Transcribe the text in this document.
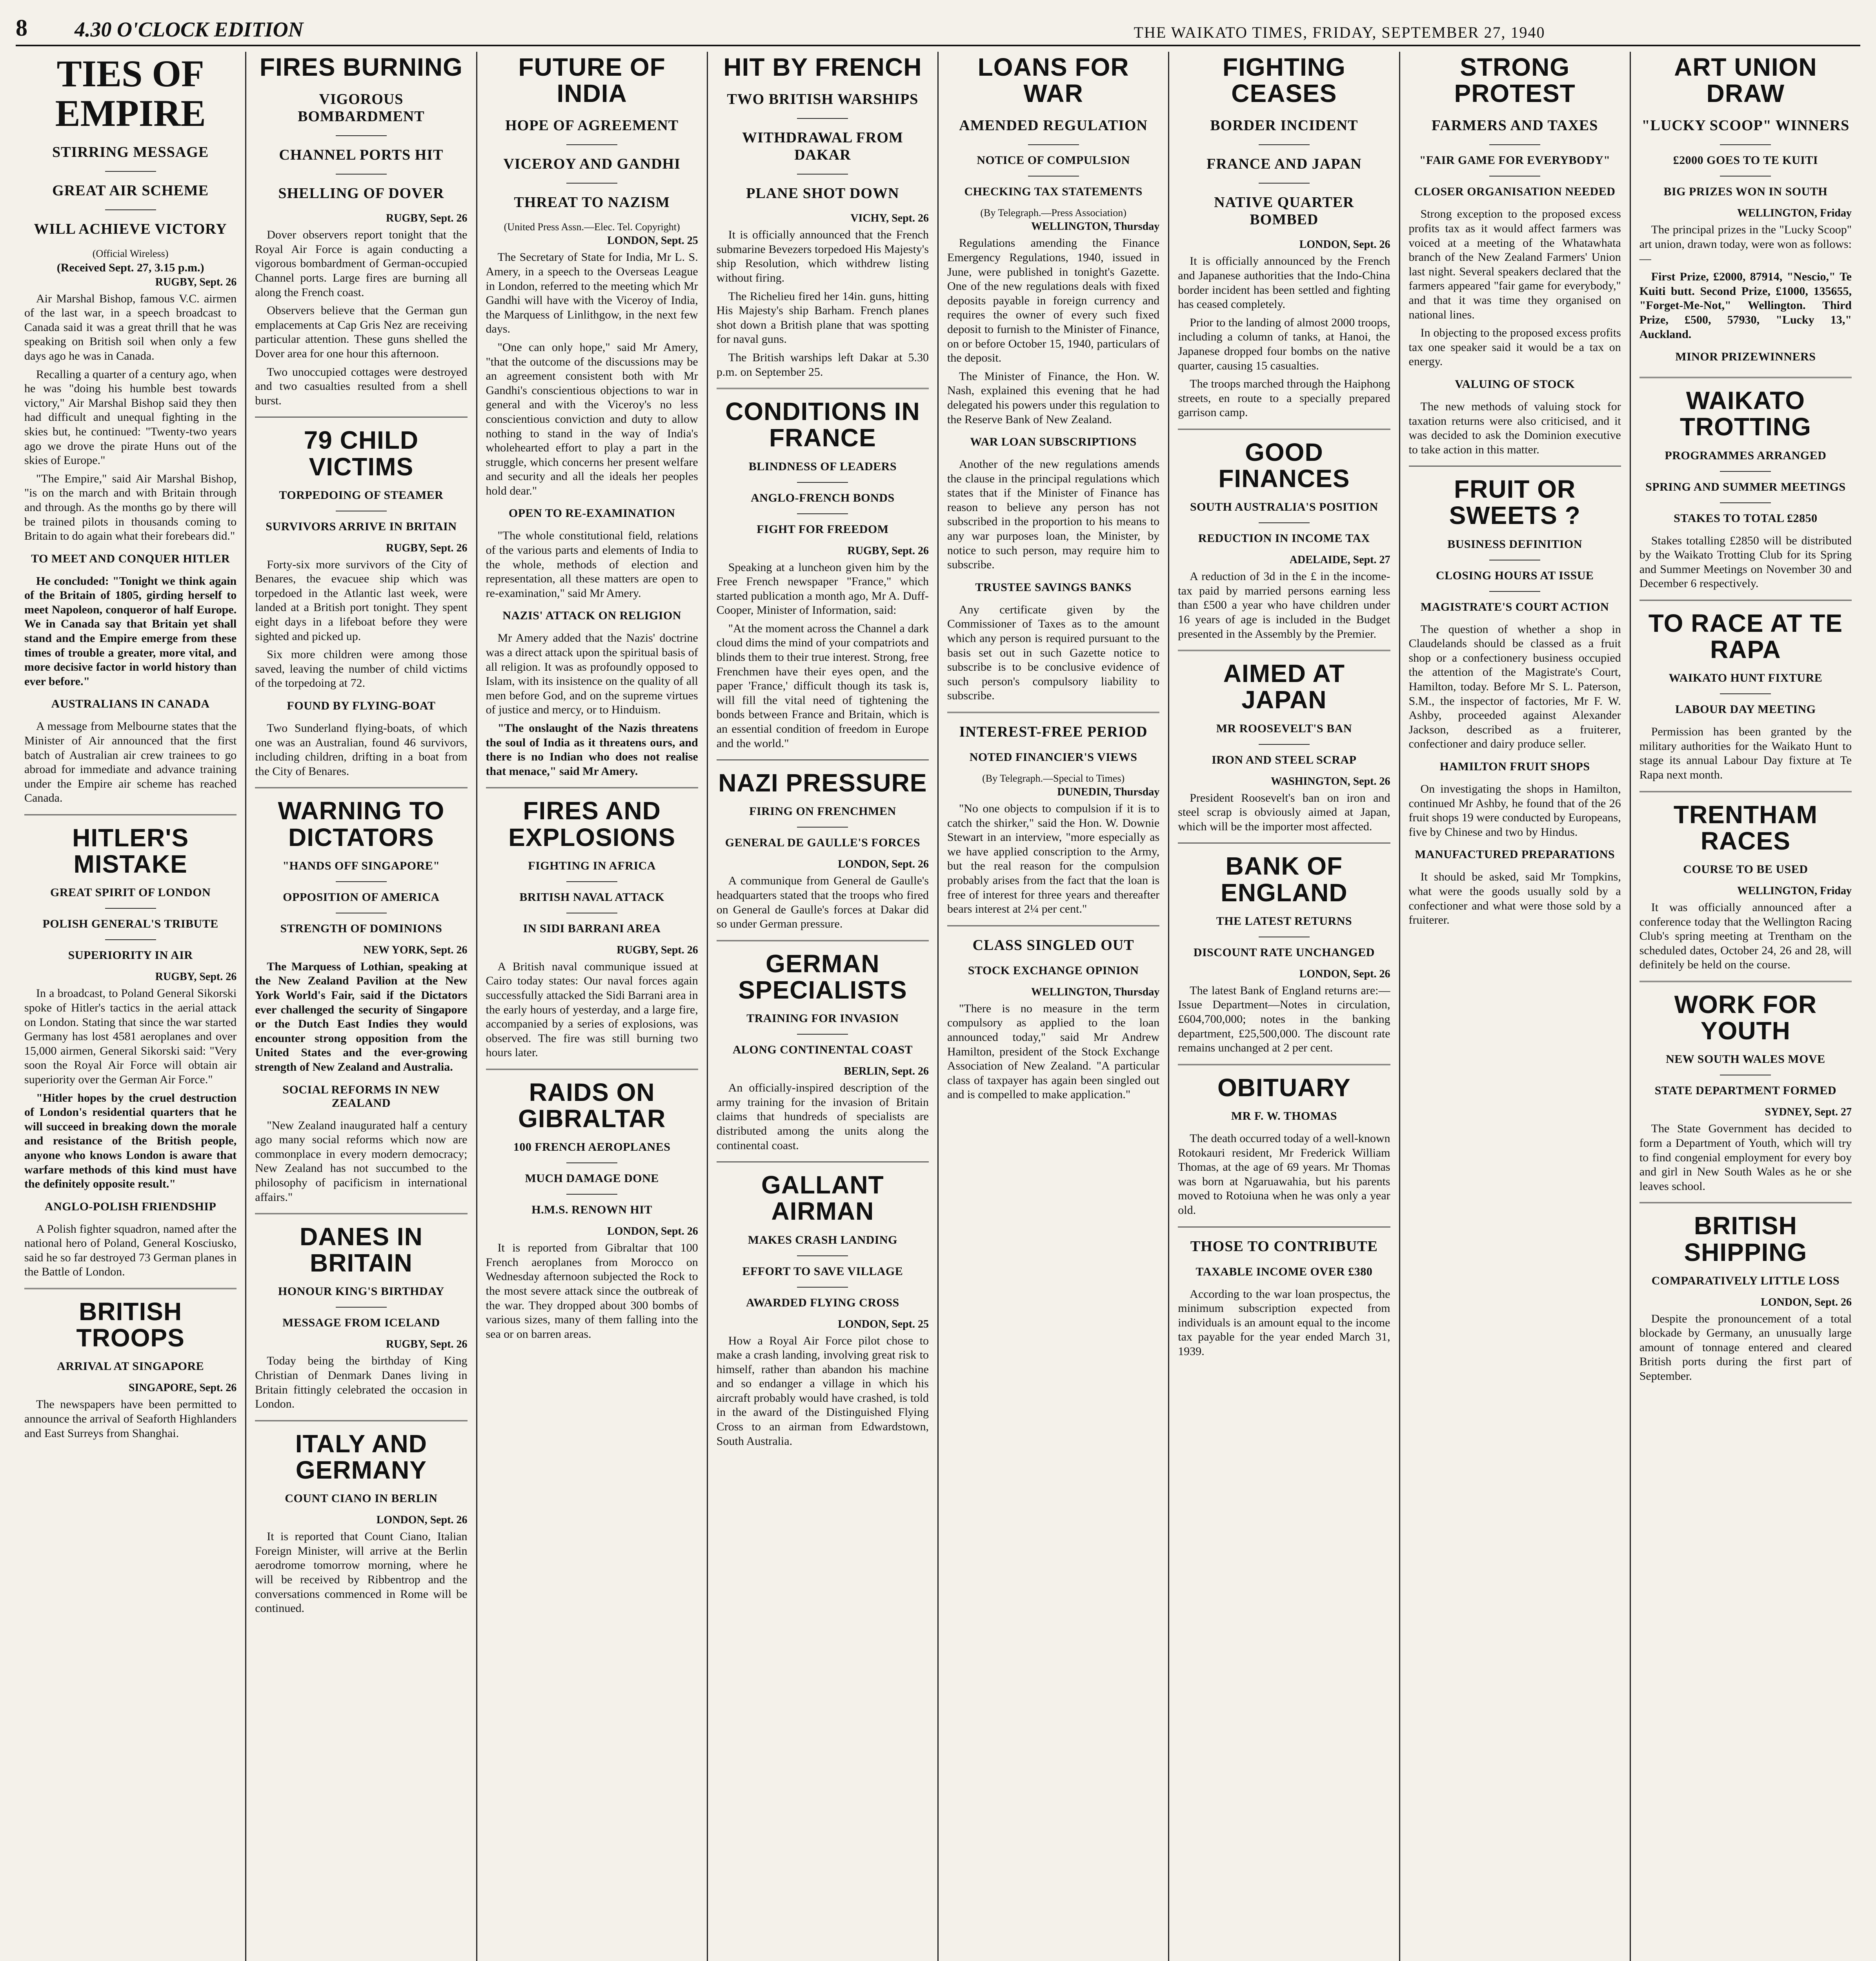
8	4.30 O'CLOCK EDITION	THE WAIKATO TIMES, FRIDAY, SEPTEMBER 27, 1940
TIES OF EMPIRE
STIRRING MESSAGE
GREAT AIR SCHEME
WILL ACHIEVE VICTORY
(Official Wireless)
(Received Sept. 27, 3.15 p.m.)
RUGBY, Sept. 26

Air Marshal Bishop, famous V.C. airmen of the last war, in a speech broadcast to Canada said it was a great thrill that he was speaking on British soil when only a few days ago he was in Canada.

Recalling a quarter of a century ago, when he was "doing his humble best towards victory," Air Marshal Bishop said they then had difficult and unequal fighting in the skies but, he continued: "Twenty-two years ago we drove the pirate Huns out of the skies of Europe."

"The Empire," said Air Marshal Bishop, "is on the march and with Britain through and through. As the months go by there will be trained pilots in thousands coming to Britain to do again what their forebears did."

TO MEET AND CONQUER HITLER

He concluded: "Tonight we think again of the Britain of 1805, girding herself to meet Napoleon, conqueror of half Europe. We in Canada say that Britain yet shall stand and the Empire emerge from these times of trouble a greater, more vital, and more decisive factor in world history than ever before."

AUSTRALIANS IN CANADA

A message from Melbourne states that the Minister of Air announced that the first batch of Australian air crew trainees to go abroad for immediate and advance training under the Empire air scheme has reached Canada.

HITLER'S MISTAKE
GREAT SPIRIT OF LONDON
POLISH GENERAL'S TRIBUTE
SUPERIORITY IN AIR
RUGBY, Sept. 26

In a broadcast, to Poland General Sikorski spoke of Hitler's tactics in the aerial attack on London. Stating that since the war started Germany has lost 4581 aeroplanes and over 15,000 airmen, General Sikorski said: "Very soon the Royal Air Force will obtain air superiority over the German Air Force."

"Hitler hopes by the cruel destruction of London's residential quarters that he will succeed in breaking down the morale and resistance of the British people, anyone who knows London is aware that warfare methods of this kind must have the definitely opposite result."

ANGLO-POLISH FRIENDSHIP

A Polish fighter squadron, named after the national hero of Poland, General Kosciusko, said he so far destroyed 73 German planes in the Battle of London.

BRITISH TROOPS
ARRIVAL AT SINGAPORE
SINGAPORE, Sept. 26

The newspapers have been permitted to announce the arrival of Seaforth Highlanders and East Surreys from Shanghai.

FIRES BURNING
VIGOROUS BOMBARDMENT
CHANNEL PORTS HIT
SHELLING OF DOVER
RUGBY, Sept. 26

Dover observers report tonight that the Royal Air Force is again conducting a vigorous bombardment of German-occupied Channel ports. Large fires are burning all along the French coast.

Observers believe that the German gun emplacements at Cap Gris Nez are receiving particular attention. These guns shelled the Dover area for one hour this afternoon.

Two unoccupied cottages were destroyed and two casualties resulted from a shell burst.

79 CHILD VICTIMS
TORPEDOING OF STEAMER
SURVIVORS ARRIVE IN BRITAIN
RUGBY, Sept. 26

Forty-six more survivors of the City of Benares, the evacuee ship which was torpedoed in the Atlantic last week, were landed at a British port tonight. They spent eight days in a lifeboat before they were sighted and picked up.

Six more children were among those saved, leaving the number of child victims of the torpedoing at 72.

FOUND BY FLYING-BOAT

Two Sunderland flying-boats, of which one was an Australian, found 46 survivors, including children, drifting in a boat from the City of Benares.

WARNING TO DICTATORS
"HANDS OFF SINGAPORE"
OPPOSITION OF AMERICA
STRENGTH OF DOMINIONS
NEW YORK, Sept. 26

The Marquess of Lothian, speaking at the New Zealand Pavilion at the New York World's Fair, said if the Dictators ever challenged the security of Singapore or the Dutch East Indies they would encounter strong opposition from the United States and the ever-growing strength of New Zealand and Australia.

SOCIAL REFORMS IN NEW ZEALAND

"New Zealand inaugurated half a century ago many social reforms which now are commonplace in every modern democracy; New Zealand has not succumbed to the philosophy of pacificism in international affairs."

DANES IN BRITAIN
HONOUR KING'S BIRTHDAY
MESSAGE FROM ICELAND
RUGBY, Sept. 26

Today being the birthday of King Christian of Denmark Danes living in Britain fittingly celebrated the occasion in London.

ITALY AND GERMANY
COUNT CIANO IN BERLIN
LONDON, Sept. 26

It is reported that Count Ciano, Italian Foreign Minister, will arrive at the Berlin aerodrome tomorrow morning, where he will be received by Ribbentrop and the conversations commenced in Rome will be continued.

FUTURE OF INDIA
HOPE OF AGREEMENT
VICEROY AND GANDHI
THREAT TO NAZISM
(United Press Assn.—Elec. Tel. Copyright)
LONDON, Sept. 25

The Secretary of State for India, Mr L. S. Amery, in a speech to the Overseas League in London, referred to the meeting which Mr Gandhi will have with the Viceroy of India, the Marquess of Linlithgow, in the next few days.

"One can only hope," said Mr Amery, "that the outcome of the discussions may be an agreement consistent both with Mr Gandhi's conscientious objections to war in general and with the Viceroy's no less conscientious conviction and duty to allow nothing to stand in the way of India's wholehearted effort to play a part in the struggle, which concerns her present welfare and security and all the ideals her peoples hold dear."

OPEN TO RE-EXAMINATION

"The whole constitutional field, relations of the various parts and elements of India to the whole, methods of election and representation, all these matters are open to re-examination," said Mr Amery.

NAZIS' ATTACK ON RELIGION

Mr Amery added that the Nazis' doctrine was a direct attack upon the spiritual basis of all religion. It was as profoundly opposed to Islam, with its insistence on the quality of all men before God, and on the supreme virtues of justice and mercy, or to Hinduism.

"The onslaught of the Nazis threatens the soul of India as it threatens ours, and there is no Indian who does not realise that menace," said Mr Amery.

FIRES AND EXPLOSIONS
FIGHTING IN AFRICA
BRITISH NAVAL ATTACK
IN SIDI BARRANI AREA
RUGBY, Sept. 26

A British naval communique issued at Cairo today states: Our naval forces again successfully attacked the Sidi Barrani area in the early hours of yesterday, and a large fire, accompanied by a series of explosions, was observed. The fire was still burning two hours later.

RAIDS ON GIBRALTAR
100 FRENCH AEROPLANES
MUCH DAMAGE DONE
H.M.S. RENOWN HIT
LONDON, Sept. 26

It is reported from Gibraltar that 100 French aeroplanes from Morocco on Wednesday afternoon subjected the Rock to the most severe attack since the outbreak of the war. They dropped about 300 bombs of various sizes, many of them falling into the sea or on barren areas.

HIT BY FRENCH
TWO BRITISH WARSHIPS
WITHDRAWAL FROM DAKAR
PLANE SHOT DOWN
VICHY, Sept. 26

It is officially announced that the French submarine Bevezers torpedoed His Majesty's ship Resolution, which withdrew listing without firing.

The Richelieu fired her 14in. guns, hitting His Majesty's ship Barham. French planes shot down a British plane that was spotting for naval guns.

The British warships left Dakar at 5.30 p.m. on September 25.

CONDITIONS IN FRANCE
BLINDNESS OF LEADERS
ANGLO-FRENCH BONDS
FIGHT FOR FREEDOM
RUGBY, Sept. 26

Speaking at a luncheon given him by the Free French newspaper "France," which started publication a month ago, Mr A. Duff-Cooper, Minister of Information, said:

"At the moment across the Channel a dark cloud dims the mind of your compatriots and blinds them to their true interest. Strong, free Frenchmen have their eyes open, and the paper 'France,' difficult though its task is, will fill the vital need of tightening the bonds between France and Britain, which is an essential condition of freedom in Europe and the world."

NAZI PRESSURE
FIRING ON FRENCHMEN
GENERAL DE GAULLE'S FORCES
LONDON, Sept. 26

A communique from General de Gaulle's headquarters stated that the troops who fired on General de Gaulle's forces at Dakar did so under German pressure.

GERMAN SPECIALISTS
TRAINING FOR INVASION
ALONG CONTINENTAL COAST
BERLIN, Sept. 26

An officially-inspired description of the army training for the invasion of Britain claims that hundreds of specialists are distributed among the units along the continental coast.

GALLANT AIRMAN
MAKES CRASH LANDING
EFFORT TO SAVE VILLAGE
AWARDED FLYING CROSS
LONDON, Sept. 25

How a Royal Air Force pilot chose to make a crash landing, involving great risk to himself, rather than abandon his machine and so endanger a village in which his aircraft probably would have crashed, is told in the award of the Distinguished Flying Cross to an airman from Edwardstown, South Australia.

LOANS FOR WAR
AMENDED REGULATION
NOTICE OF COMPULSION
CHECKING TAX STATEMENTS
(By Telegraph.—Press Association)
WELLINGTON, Thursday

Regulations amending the Finance Emergency Regulations, 1940, issued in June, were published in tonight's Gazette. One of the new regulations deals with fixed deposits payable in foreign currency and requires the owner of every such fixed deposit to furnish to the Minister of Finance, on or before October 15, 1940, particulars of the deposit.

The Minister of Finance, the Hon. W. Nash, explained this evening that he had delegated his powers under this regulation to the Reserve Bank of New Zealand.

WAR LOAN SUBSCRIPTIONS

Another of the new regulations amends the clause in the principal regulations which states that if the Minister of Finance has reason to believe any person has not subscribed in the proportion to his means to any war purposes loan, the Minister, by notice to such person, may require him to subscribe.

TRUSTEE SAVINGS BANKS

Any certificate given by the Commissioner of Taxes as to the amount which any person is required pursuant to the basis set out in such Gazette notice to subscribe is to be conclusive evidence of such person's compulsory liability to subscribe.

INTEREST-FREE PERIOD
NOTED FINANCIER'S VIEWS
(By Telegraph.—Special to Times)
DUNEDIN, Thursday

"No one objects to compulsion if it is to catch the shirker," said the Hon. W. Downie Stewart in an interview, "more especially as we have applied conscription to the Army, but the real reason for the compulsion probably arises from the fact that the loan is free of interest for three years and thereafter bears interest at 2¼ per cent."

CLASS SINGLED OUT
STOCK EXCHANGE OPINION
WELLINGTON, Thursday

"There is no measure in the term compulsory as applied to the loan announced today," said Mr Andrew Hamilton, president of the Stock Exchange Association of New Zealand. "A particular class of taxpayer has again been singled out and is compelled to make application."

FIGHTING CEASES
BORDER INCIDENT
FRANCE AND JAPAN
NATIVE QUARTER BOMBED
LONDON, Sept. 26

It is officially announced by the French and Japanese authorities that the Indo-China border incident has been settled and fighting has ceased completely.

Prior to the landing of almost 2000 troops, including a column of tanks, at Hanoi, the Japanese dropped four bombs on the native quarter, causing 15 casualties.

The troops marched through the Haiphong streets, en route to a specially prepared garrison camp.

GOOD FINANCES
SOUTH AUSTRALIA'S POSITION
REDUCTION IN INCOME TAX
ADELAIDE, Sept. 27

A reduction of 3d in the £ in the income-tax paid by married persons earning less than £500 a year who have children under 16 years of age is included in the Budget presented in the Assembly by the Premier.

AIMED AT JAPAN
MR ROOSEVELT'S BAN
IRON AND STEEL SCRAP
WASHINGTON, Sept. 26

President Roosevelt's ban on iron and steel scrap is obviously aimed at Japan, which will be the importer most affected.

BANK OF ENGLAND
THE LATEST RETURNS
DISCOUNT RATE UNCHANGED
LONDON, Sept. 26

The latest Bank of England returns are:— Issue Department—Notes in circulation, £604,700,000; notes in the banking department, £25,500,000. The discount rate remains unchanged at 2 per cent.

OBITUARY
MR F. W. THOMAS

The death occurred today of a well-known Rotokauri resident, Mr Frederick William Thomas, at the age of 69 years. Mr Thomas was born at Ngaruawahia, but his parents moved to Rotoiuna when he was only a year old.

THOSE TO CONTRIBUTE
TAXABLE INCOME OVER £380

According to the war loan prospectus, the minimum subscription expected from individuals is an amount equal to the income tax payable for the year ended March 31, 1939.

STRONG PROTEST
FARMERS AND TAXES
"FAIR GAME FOR EVERYBODY"
CLOSER ORGANISATION NEEDED

Strong exception to the proposed excess profits tax as it would affect farmers was voiced at a meeting of the Whatawhata branch of the New Zealand Farmers' Union last night. Several speakers declared that the farmers appeared "fair game for everybody," and that it was time they organised on national lines.

In objecting to the proposed excess profits tax one speaker said it would be a tax on energy.

VALUING OF STOCK

The new methods of valuing stock for taxation returns were also criticised, and it was decided to ask the Dominion executive to take action in this matter.

FRUIT OR SWEETS ?
BUSINESS DEFINITION
CLOSING HOURS AT ISSUE
MAGISTRATE'S COURT ACTION

The question of whether a shop in Claudelands should be classed as a fruit shop or a confectionery business occupied the attention of the Magistrate's Court, Hamilton, today. Before Mr S. L. Paterson, S.M., the inspector of factories, Mr F. W. Ashby, proceeded against Alexander Jackson, described as a fruiterer, confectioner and dairy produce seller.

HAMILTON FRUIT SHOPS

On investigating the shops in Hamilton, continued Mr Ashby, he found that of the 26 fruit shops 19 were conducted by Europeans, five by Chinese and two by Hindus.

MANUFACTURED PREPARATIONS

It should be asked, said Mr Tompkins, what were the goods usually sold by a confectioner and what were those sold by a fruiterer.

ART UNION DRAW
"LUCKY SCOOP" WINNERS
£2000 GOES TO TE KUITI
BIG PRIZES WON IN SOUTH
WELLINGTON, Friday

The principal prizes in the "Lucky Scoop" art union, drawn today, were won as follows:—

First Prize, £2000, 87914, "Nescio," Te Kuiti butt. Second Prize, £1000, 135655, "Forget-Me-Not," Wellington. Third Prize, £500, 57930, "Lucky 13," Auckland.

MINOR PRIZEWINNERS
WAIKATO TROTTING
PROGRAMMES ARRANGED
SPRING AND SUMMER MEETINGS
STAKES TO TOTAL £2850

Stakes totalling £2850 will be distributed by the Waikato Trotting Club for its Spring and Summer Meetings on November 30 and December 6 respectively.

TO RACE AT TE RAPA
WAIKATO HUNT FIXTURE
LABOUR DAY MEETING

Permission has been granted by the military authorities for the Waikato Hunt to stage its annual Labour Day fixture at Te Rapa next month.

TRENTHAM RACES
COURSE TO BE USED
WELLINGTON, Friday

It was officially announced after a conference today that the Wellington Racing Club's spring meeting at Trentham on the scheduled dates, October 24, 26 and 28, will definitely be held on the course.

WORK FOR YOUTH
NEW SOUTH WALES MOVE
STATE DEPARTMENT FORMED
SYDNEY, Sept. 27

The State Government has decided to form a Department of Youth, which will try to find congenial employment for every boy and girl in New South Wales as he or she leaves school.

BRITISH SHIPPING
COMPARATIVELY LITTLE LOSS
LONDON, Sept. 26

Despite the pronouncement of a total blockade by Germany, an unusually large amount of tonnage entered and cleared British ports during the first part of September.
